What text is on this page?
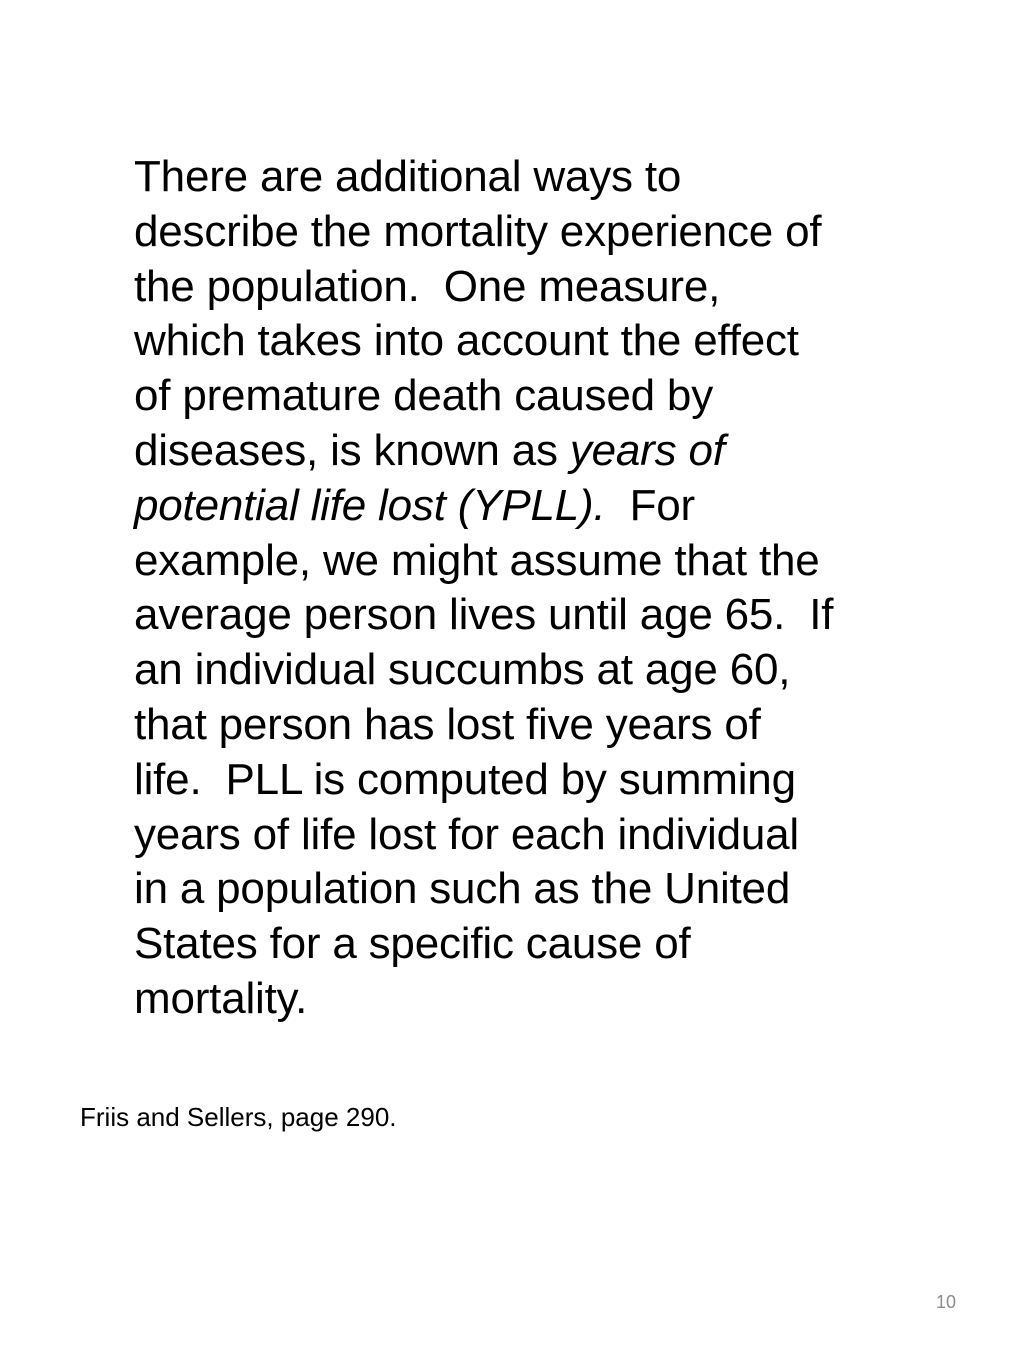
There are additional ways to
describe the mortality experience of
the population.  One measure,
which takes into account the effect
of premature death caused by
diseases, is known as years of
potential life lost (YPLL).  For
example, we might assume that the
average person lives until age 65.  If
an individual succumbs at age 60,
that person has lost five years of
life.  PLL is computed by summing
years of life lost for each individual
in a population such as the United
States for a specific cause of
mortality.

Friis and Sellers, page 290.

10
